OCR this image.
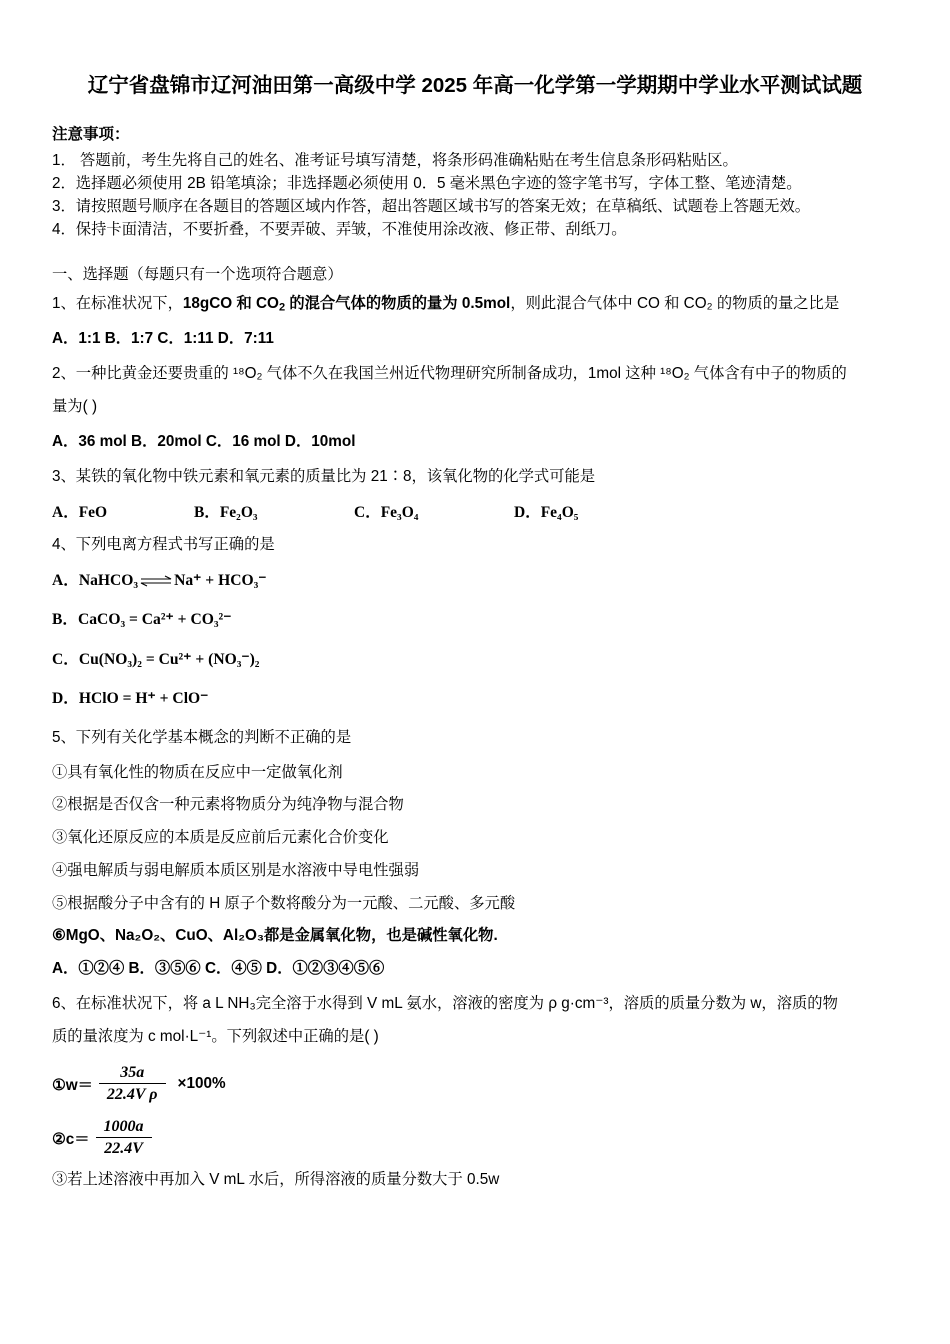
辽宁省盘锦市辽河油田第一高级中学 2025 年高一化学第一学期期中学业水平测试试题
注意事项：
1． 答题前，考生先将自己的姓名、准考证号填写清楚，将条形码准确粘贴在考生信息条形码粘贴区。
2．选择题必须使用 2B 铅笔填涂；非选择题必须使用 0．5 毫米黑色字迹的签字笔书写，字体工整、笔迹清楚。
3．请按照题号顺序在各题目的答题区域内作答，超出答题区域书写的答案无效；在草稿纸、试题卷上答题无效。
4．保持卡面清洁，不要折叠，不要弄破、弄皱，不准使用涂改液、修正带、刮纸刀。
一、选择题（每题只有一个选项符合题意）
1、在标准状况下，18gCO 和 $CO_2$ 的混合气体的物质的量为 0.5mol，则此混合气体中 CO 和 CO₂ 的物质的量之比是
A．1:1 B．1:7 C．1:11 D．7:11
2、一种比黄金还要贵重的 ¹⁸O₂ 气体不久在我国兰州近代物理研究所制备成功，1mol 这种 ¹⁸O₂ 气体含有中子的物质的
量为( )
A．36 mol B．20mol C．16 mol D．10mol
3、某铁的氧化物中铁元素和氧元素的质量比为 21∶8，该氧化物的化学式可能是
A．FeO	B．Fe₂O₃	C．Fe₃O₄	D．Fe₄O₅
4、下列电离方程式书写正确的是
A．NaHCO₃⇌Na⁺ + HCO₃⁻
B．CaCO₃ = Ca²⁺ + CO₃²⁻
C．Cu(NO₃)₂ = Cu²⁺ + (NO₃⁻)₂
D．HClO = H⁺ + ClO⁻
5、下列有关化学基本概念的判断不正确的是
①具有氧化性的物质在反应中一定做氧化剂
②根据是否仅含一种元素将物质分为纯净物与混合物
③氧化还原反应的本质是反应前后元素化合价变化
④强电解质与弱电解质本质区别是水溶液中导电性强弱
⑤根据酸分子中含有的 H 原子个数将酸分为一元酸、二元酸、多元酸
⑥MgO、Na₂O₂、CuO、Al₂O₃都是金属氧化物，也是碱性氧化物.
A．①②④ B．③⑤⑥ C．④⑤ D．①②③④⑤⑥
6、在标准状况下，将 a L NH₃完全溶于水得到 V mL 氨水，溶液的密度为 ρ g·cm⁻³，溶质的质量分数为 w，溶质的物
质的量浓度为 c mol·L⁻¹。下列叙述中正确的是( )
①w＝ $\frac{35a}{\text{22.4V ρ}} \times 100\%$
②c＝ $\frac{1000a}{22.4V}$
③若上述溶液中再加入 V mL 水后，所得溶液的质量分数大于 0.5w
